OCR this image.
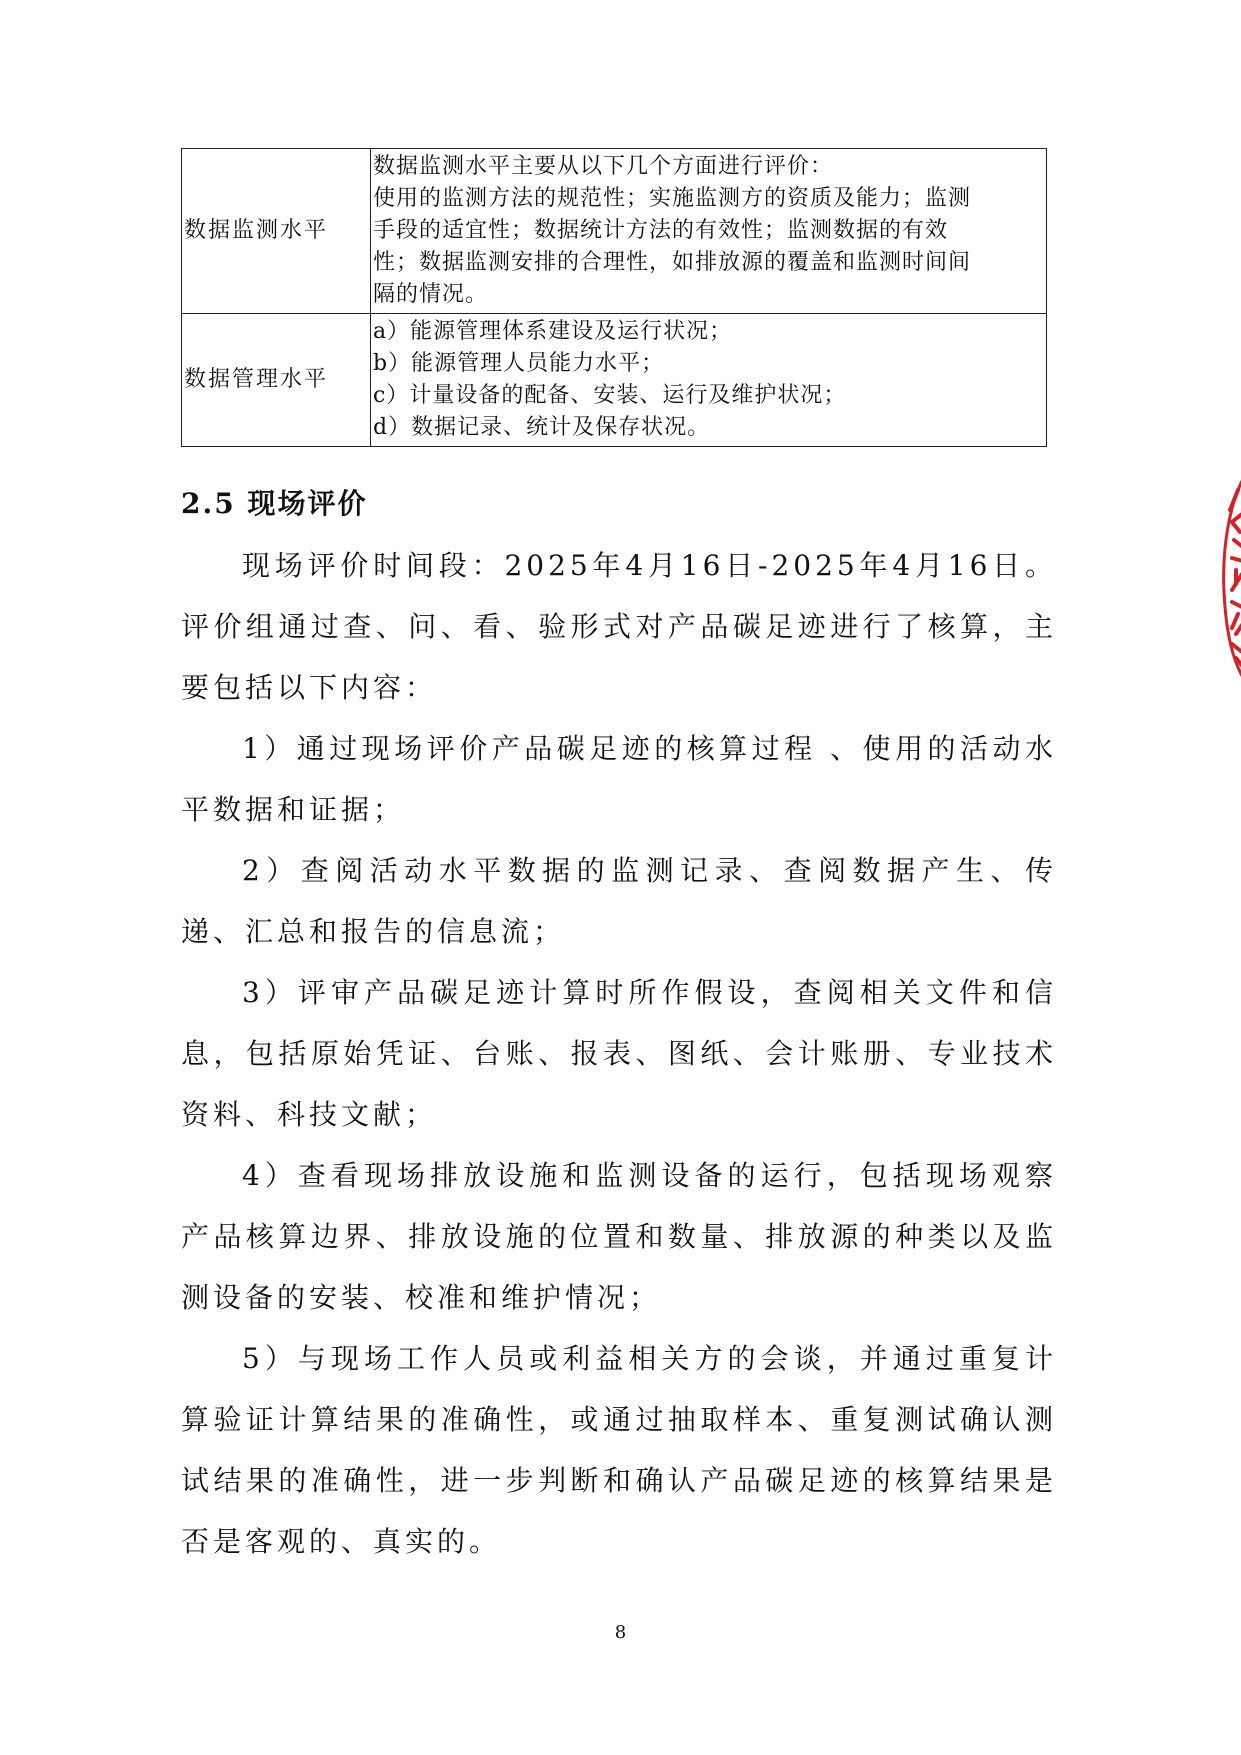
数据监测水平	数据监测水平主要从以下几个方面进行评价：
使用的监测方法的规范性；实施监测方的资质及能力；监测
手段的适宜性；数据统计方法的有效性；监测数据的有效
性；数据监测安排的合理性，如排放源的覆盖和监测时间间
隔的情况。

数据管理水平	a）能源管理体系建设及运行状况；
b）能源管理人员能力水平；
c）计量设备的配备、安装、运行及维护状况；
d）数据记录、统计及保存状况。
2.5 现场评价

现场评价时间段：2025年4月16日-2025年4月16日。评价组通过查、问、看、验形式对产品碳足迹进行了核算，主要包括以下内容：

1）通过现场评价产品碳足迹的核算过程 、使用的活动水平数据和证据；

2）查阅活动水平数据的监测记录、查阅数据产生、传递、汇总和报告的信息流；

3）评审产品碳足迹计算时所作假设，查阅相关文件和信息，包括原始凭证、台账、报表、图纸、会计账册、专业技术资料、科技文献；

4）查看现场排放设施和监测设备的运行，包括现场观察产品核算边界、排放设施的位置和数量、排放源的种类以及监测设备的安装、校准和维护情况；

5）与现场工作人员或利益相关方的会谈，并通过重复计算验证计算结果的准确性，或通过抽取样本、重复测试确认测试结果的准确性，进一步判断和确认产品碳足迹的核算结果是否是客观的、真实的。

8
